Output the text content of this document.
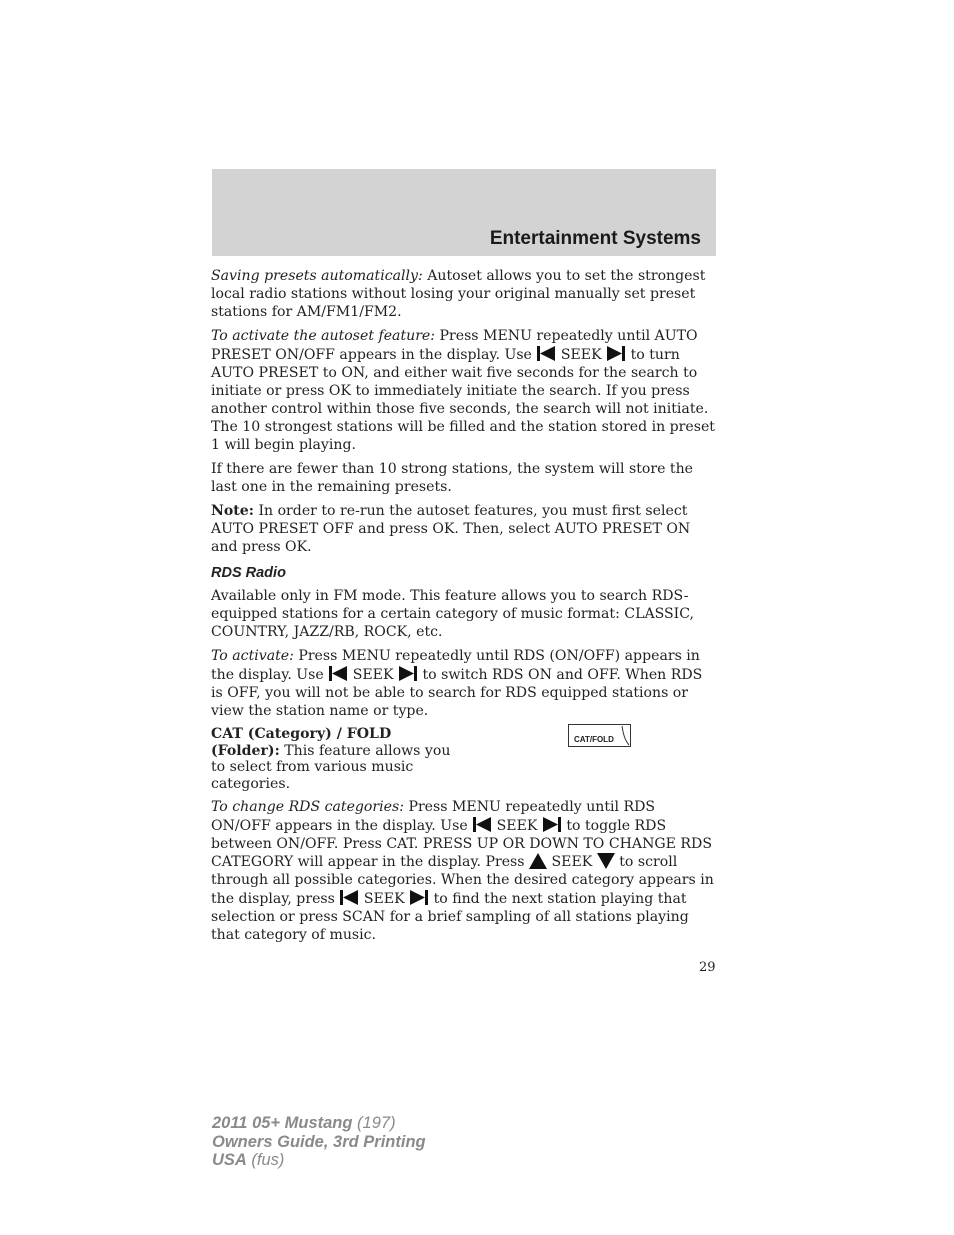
Entertainment Systems

Saving presets automatically: Autoset allows you to set the strongest local radio stations without losing your original manually set preset stations for AM/FM1/FM2.

To activate the autoset feature: Press MENU repeatedly until AUTO PRESET ON/OFF appears in the display. Use  SEEK  to turn AUTO PRESET to ON, and either wait five seconds for the search to initiate or press OK to immediately initiate the search. If you press another control within those five seconds, the search will not initiate. The 10 strongest stations will be filled and the station stored in preset 1 will begin playing.

If there are fewer than 10 strong stations, the system will store the last one in the remaining presets.

Note: In order to re-run the autoset features, you must first select AUTO PRESET OFF and press OK. Then, select AUTO PRESET ON and press OK.

RDS Radio

Available only in FM mode. This feature allows you to search RDS-equipped stations for a certain category of music format: CLASSIC, COUNTRY, JAZZ/RB, ROCK, etc.

To activate: Press MENU repeatedly until RDS (ON/OFF) appears in the display. Use  SEEK  to switch RDS ON and OFF. When RDS is OFF, you will not be able to search for RDS equipped stations or view the station name or type.

CAT (Category) / FOLD (Folder): This feature allows you to select from various music categories.
CAT/FOLD

To change RDS categories: Press MENU repeatedly until RDS ON/OFF appears in the display. Use  SEEK  to toggle RDS between ON/OFF. Press CAT. PRESS UP OR DOWN TO CHANGE RDS CATEGORY will appear in the display. Press  SEEK  to scroll through all possible categories. When the desired category appears in the display, press  SEEK  to find the next station playing that selection or press SCAN for a brief sampling of all stations playing that category of music.

29
2011 05+ Mustang (197)
Owners Guide, 3rd Printing
USA (fus)
